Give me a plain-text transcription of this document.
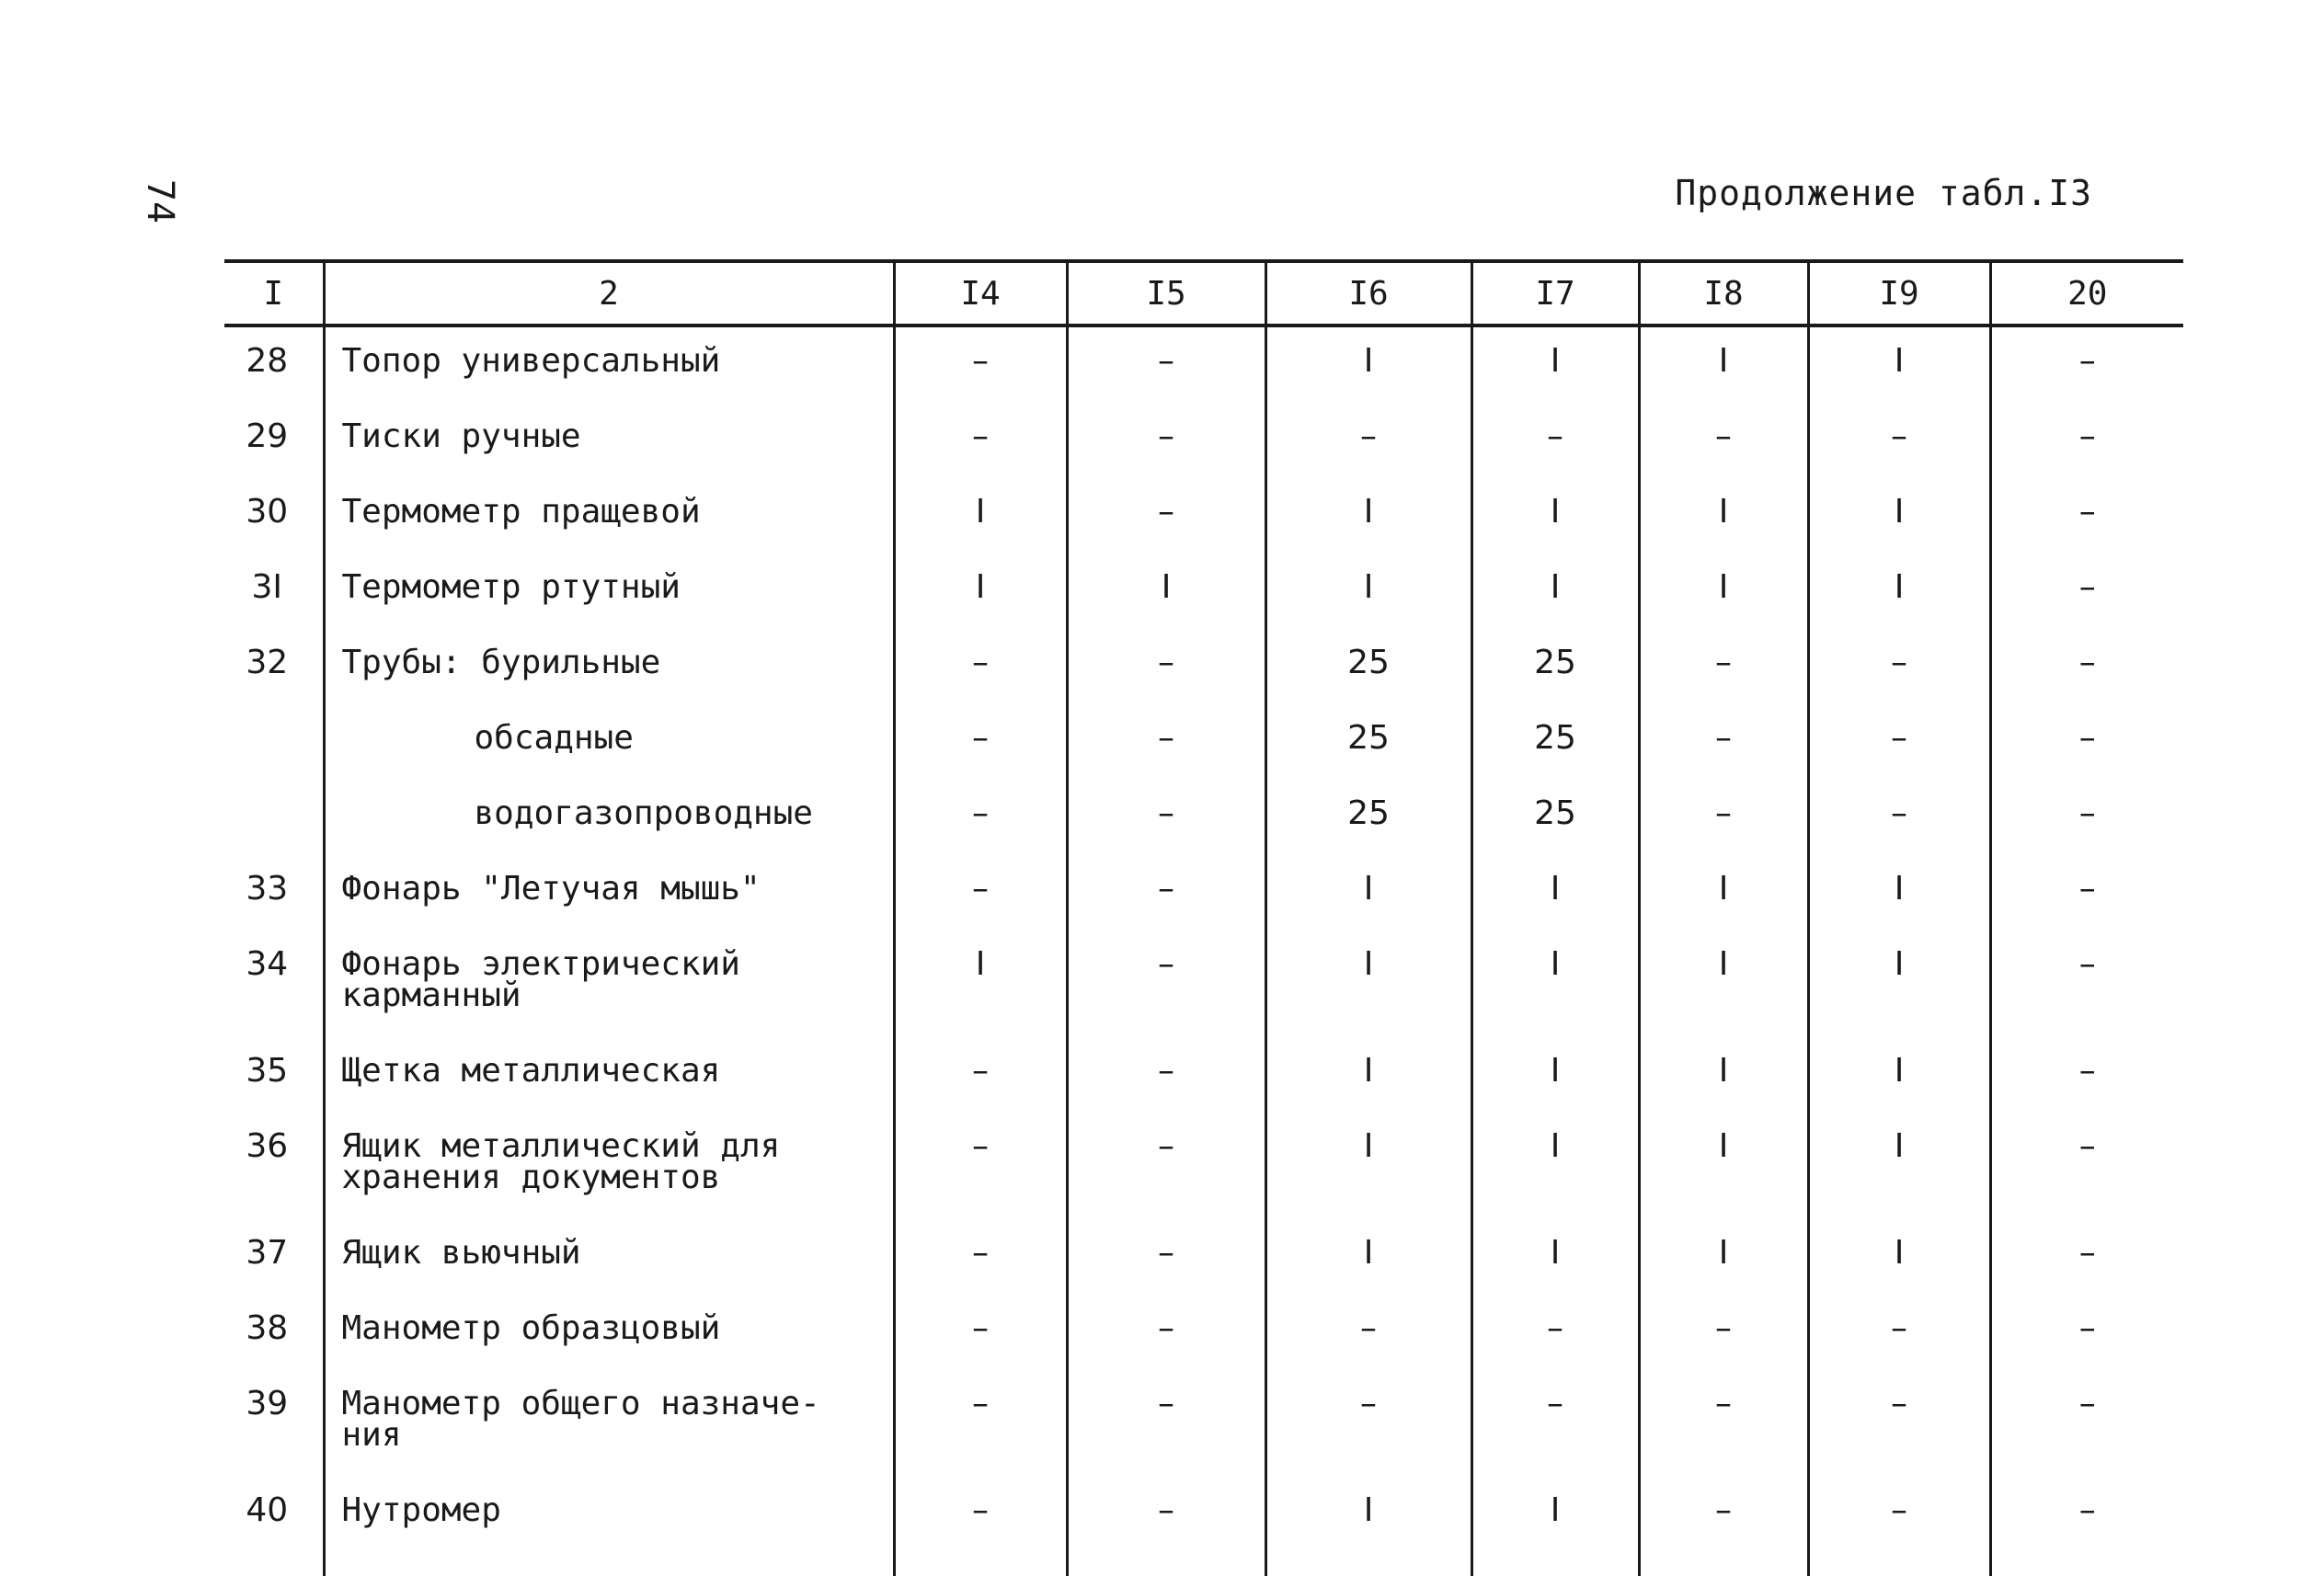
74	Продолжение табл.I3
I	2	I4	I5	I6	I7	I8	I9	20
28	Топор универсальный	–	–	I	I	I	I	–
29	Тиски ручные	–	–	–	–	–	–	–
30	Термометр пращевой	I	–	I	I	I	I	–
3I	Термометр ртутный	I	I	I	I	I	I	–
32	Трубы: бурильные	–	–	25	25	–	–	–
	обсадные	–	–	25	25	–	–	–
	водогазопроводные	–	–	25	25	–	–	–
33	Фонарь "Летучая мышь"	–	–	I	I	I	I	–
34	Фонарь электрический карманный	I	–	I	I	I	I	–
35	Щетка металлическая	–	–	I	I	I	I	–
36	Ящик металлический для хранения документов	–	–	I	I	I	I	–
37	Ящик вьючный	–	–	I	I	I	I	–
38	Манометр образцовый	–	–	–	–	–	–	–
39	Манометр общего назначе-ния	–	–	–	–	–	–	–
40	Нутромер	–	–	I	I	–	–	–
